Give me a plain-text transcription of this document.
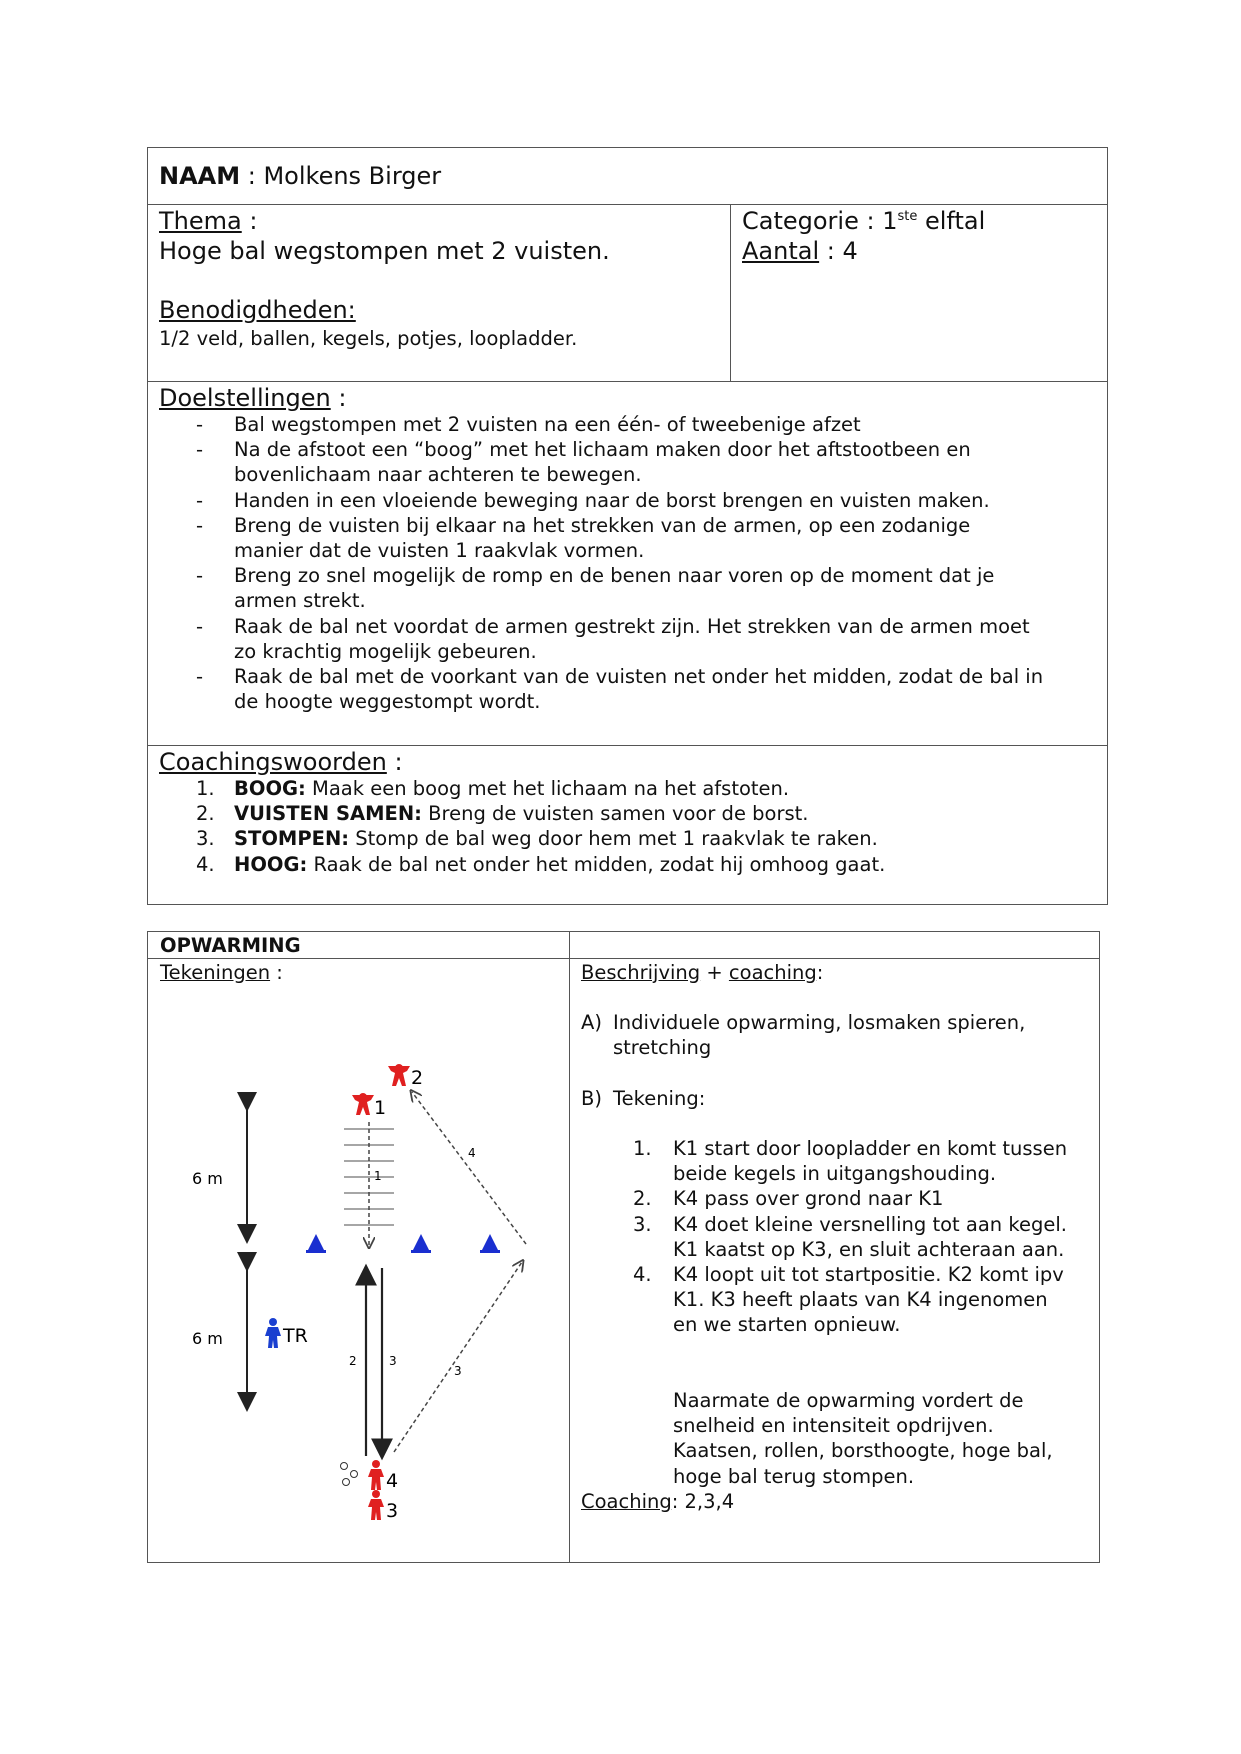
NAAM : Molkens Birger
Thema :
Hoge bal wegstompen met 2 vuisten.
Benodigdheden:
1/2 veld, ballen, kegels, potjes, loopladder.
Categorie : 1ste elftal
Aantal : 4
Doelstellingen :
- Bal wegstompen met 2 vuisten na een één- of tweebenige afzet
- Na de afstoot een “boog” met het lichaam maken door het aftstootbeen en
bovenlichaam naar achteren te bewegen.
- Handen in een vloeiende beweging naar de borst brengen en vuisten maken.
- Breng de vuisten bij elkaar na het strekken van de armen, op een zodanige
manier dat de vuisten 1 raakvlak vormen.
- Breng zo snel mogelijk de romp en de benen naar voren op de moment dat je
armen strekt.
- Raak de bal net voordat de armen gestrekt zijn. Het strekken van de armen moet
zo krachtig mogelijk gebeuren.
- Raak de bal met de voorkant van de vuisten net onder het midden, zodat de bal in
de hoogte weggestompt wordt.
Coachingswoorden :
1. BOOG: Maak een boog met het lichaam na het afstoten.
2. VUISTEN SAMEN: Breng de vuisten samen voor de borst.
3. STOMPEN: Stomp de bal weg door hem met 1 raakvlak te raken.
4. HOOG: Raak de bal net onder het midden, zodat hij omhoog gaat.
OPWARMING
Tekeningen :
6 m
6 m
1
4
2	3
3
2
1
4
3
TR
Beschrijving + coaching:
A) Individuele opwarming, losmaken spieren,
stretching
B) Tekening:
1. K1 start door loopladder en komt tussen
beide kegels in uitgangshouding.
2. K4 pass over grond naar K1
3. K4 doet kleine versnelling tot aan kegel.
K1 kaatst op K3, en sluit achteraan aan.
4. K4 loopt uit tot startpositie. K2 komt ipv
K1. K3 heeft plaats van K4 ingenomen
en we starten opnieuw.
Naarmate de opwarming vordert de
snelheid en intensiteit opdrijven.
Kaatsen, rollen, borsthoogte, hoge bal,
hoge bal terug stompen.
Coaching: 2,3,4
